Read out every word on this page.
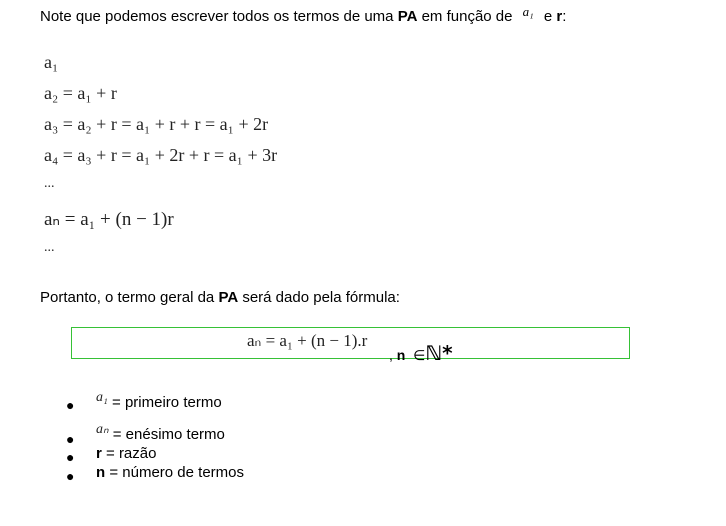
Note que podemos escrever todos os termos de uma PA em função de a₁ e r:
a₁
a₂ = a₁ + r
a₃ = a₂ + r = a₁ + r + r = a₁ + 2r
a₄ = a₃ + r = a₁ + 2r + r = a₁ + 3r
...
aₙ = a₁ + (n − 1)r
...
Portanto, o termo geral da PA será dado pela fórmula:
aₙ = a₁ + (n − 1).r
, n ∈ℕ*
● a₁ = primeiro termo
●
aₙ = enésimo termo
● r = razão
● n = número de termos
